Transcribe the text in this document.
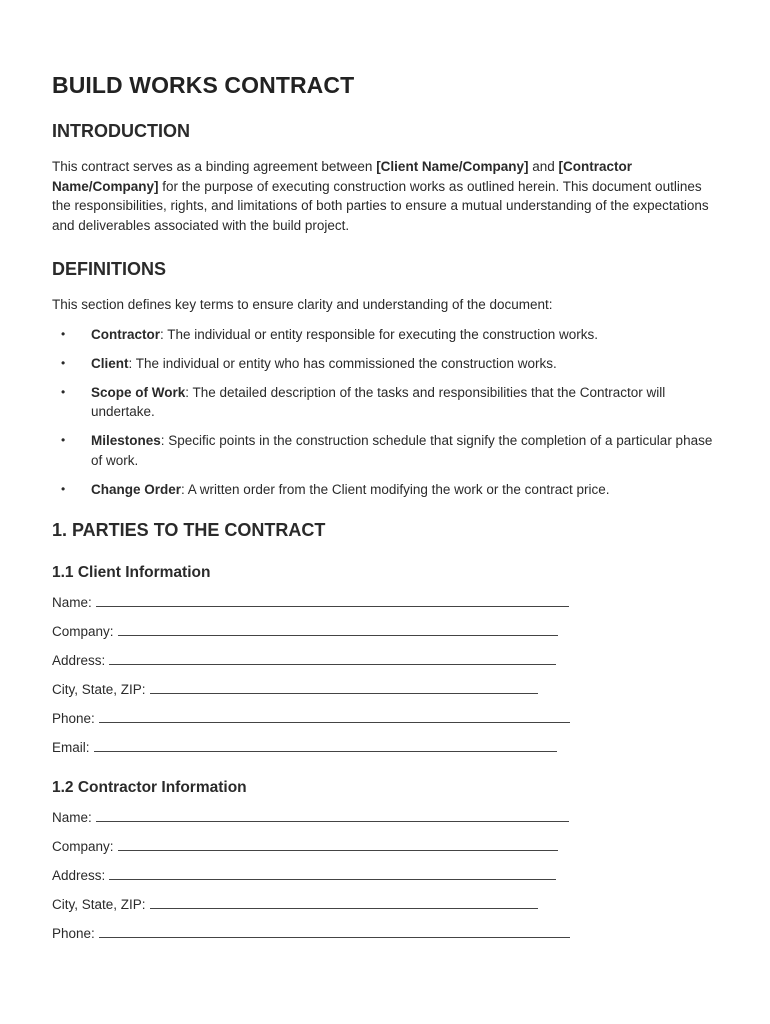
BUILD WORKS CONTRACT
INTRODUCTION

This contract serves as a binding agreement between [Client Name/Company] and [Contractor Name/Company] for the purpose of executing construction works as outlined herein. This document outlines the responsibilities, rights, and limitations of both parties to ensure a mutual understanding of the expectations and deliverables associated with the build project.

DEFINITIONS

This section defines key terms to ensure clarity and understanding of the document:

• Contractor: The individual or entity responsible for executing the construction works.
• Client: The individual or entity who has commissioned the construction works.
• Scope of Work: The detailed description of the tasks and responsibilities that the Contractor will undertake.
• Milestones: Specific points in the construction schedule that signify the completion of a particular phase of work.
• Change Order: A written order from the Client modifying the work or the contract price.
1. PARTIES TO THE CONTRACT
1.1 Client Information
Name:
Company:
Address:
City, State, ZIP:
Phone:
Email:
1.2 Contractor Information
Name:
Company:
Address:
City, State, ZIP:
Phone:
